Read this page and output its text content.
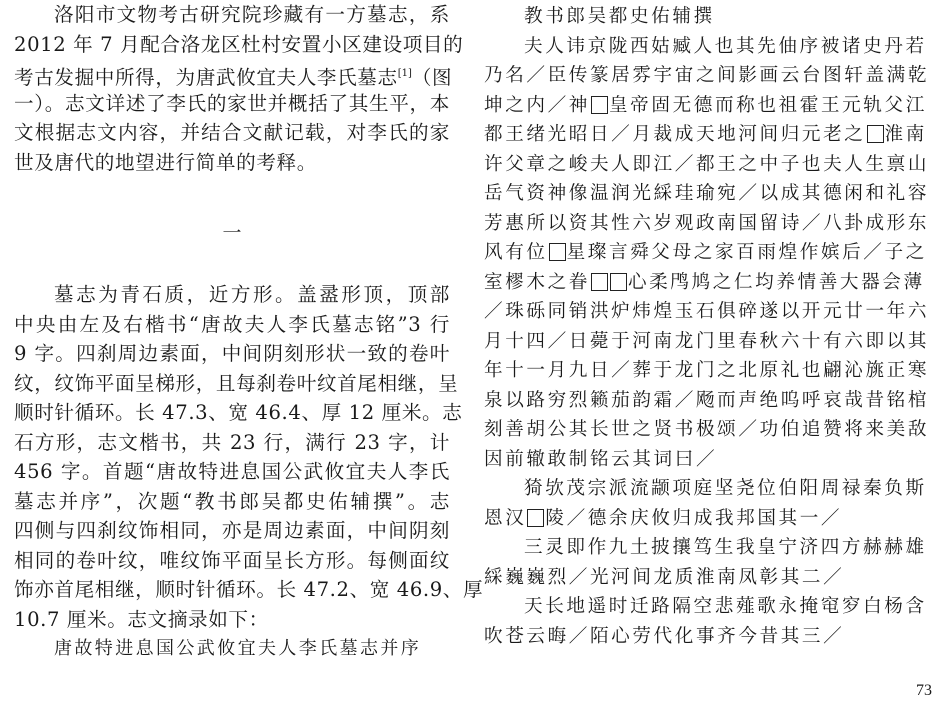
洛阳市文物考古研究院珍藏有一方墓志，系
2012 年 7 月配合洛龙区杜村安置小区建设项目的
考古发掘中所得，为唐武攸宜夫人李氏墓志[1]（图
一）。志文详述了李氏的家世并概括了其生平，本
文根据志文内容，并结合文献记载，对李氏的家
世及唐代的地望进行简单的考释。
一
墓志为青石质，近方形。盖盝形顶，顶部
中央由左及右楷书“唐故夫人李氏墓志铭”3 行
9 字。四刹周边素面，中间阴刻形状一致的卷叶
纹，纹饰平面呈梯形，且每刹卷叶纹首尾相继，呈
顺时针循环。长 47.3、宽 46.4、厚 12 厘米。志
石方形，志文楷书，共 23 行，满行 23 字，计
456 字。首题“唐故特进息国公武攸宜夫人李氏
墓志并序”，次题“教书郎吴都史佑辅撰”。志
四侧与四刹纹饰相同，亦是周边素面，中间阴刻
相同的卷叶纹，唯纹饰平面呈长方形。每侧面纹
饰亦首尾相继，顺时针循环。长 47.2、宽 46.9、厚
10.7 厘米。志文摘录如下：
唐故特进息国公武攸宜夫人李氏墓志并序
教书郎吴都史佑辅撰
夫人讳京陇西姑臧人也其先伷序被诸史丹若
乃名／臣传篆居雰宇宙之间影画云台图轩盖满乾
坤之内／神 皇帝固无德而称也祖霍王元轨父江
都王绪光昭日／月裁成天地河间归元老之 淮南
许父章之峻夫人即江／都王之中子也夫人生禀山
岳气资神像温润光綵珪瑜宛／以成其德闲和礼容
芳惠所以资其性六岁观政南国留诗／八卦成形东
风有位 星璨言舜父母之家百雨煌作嫔后／子之
室樛木之眷 心柔鸤鸠之仁均养情善大器会薄
／珠砾同销洪炉炜煌玉石俱碎遂以开元廿一年六
月十四／日薨于河南龙门里春秋六十有六即以其
年十一月九日／葬于龙门之北原礼也翩沁旐正寒
泉以路穷烈籁茄韵霜／飏而声绝呜呼哀哉昔铭棺
刻善胡公其长世之贤书极颂／功伯追赞将来美敌
因前辙敢制铭云其词曰／
猗欤茂宗派流颛项庭坚尧位伯阳周禄秦负斯
恩汉 陵／德余庆攸归成我邦国其一／
三灵即作九土披攘笃生我皇宁济四方赫赫雄
綵巍巍烈／光河间龙质淮南凤彰其二／
天长地遥时迁路隔空悲薤歌永掩窀穸白杨含
吹苍云晦／陌心劳代化事齐今昔其三／
73
